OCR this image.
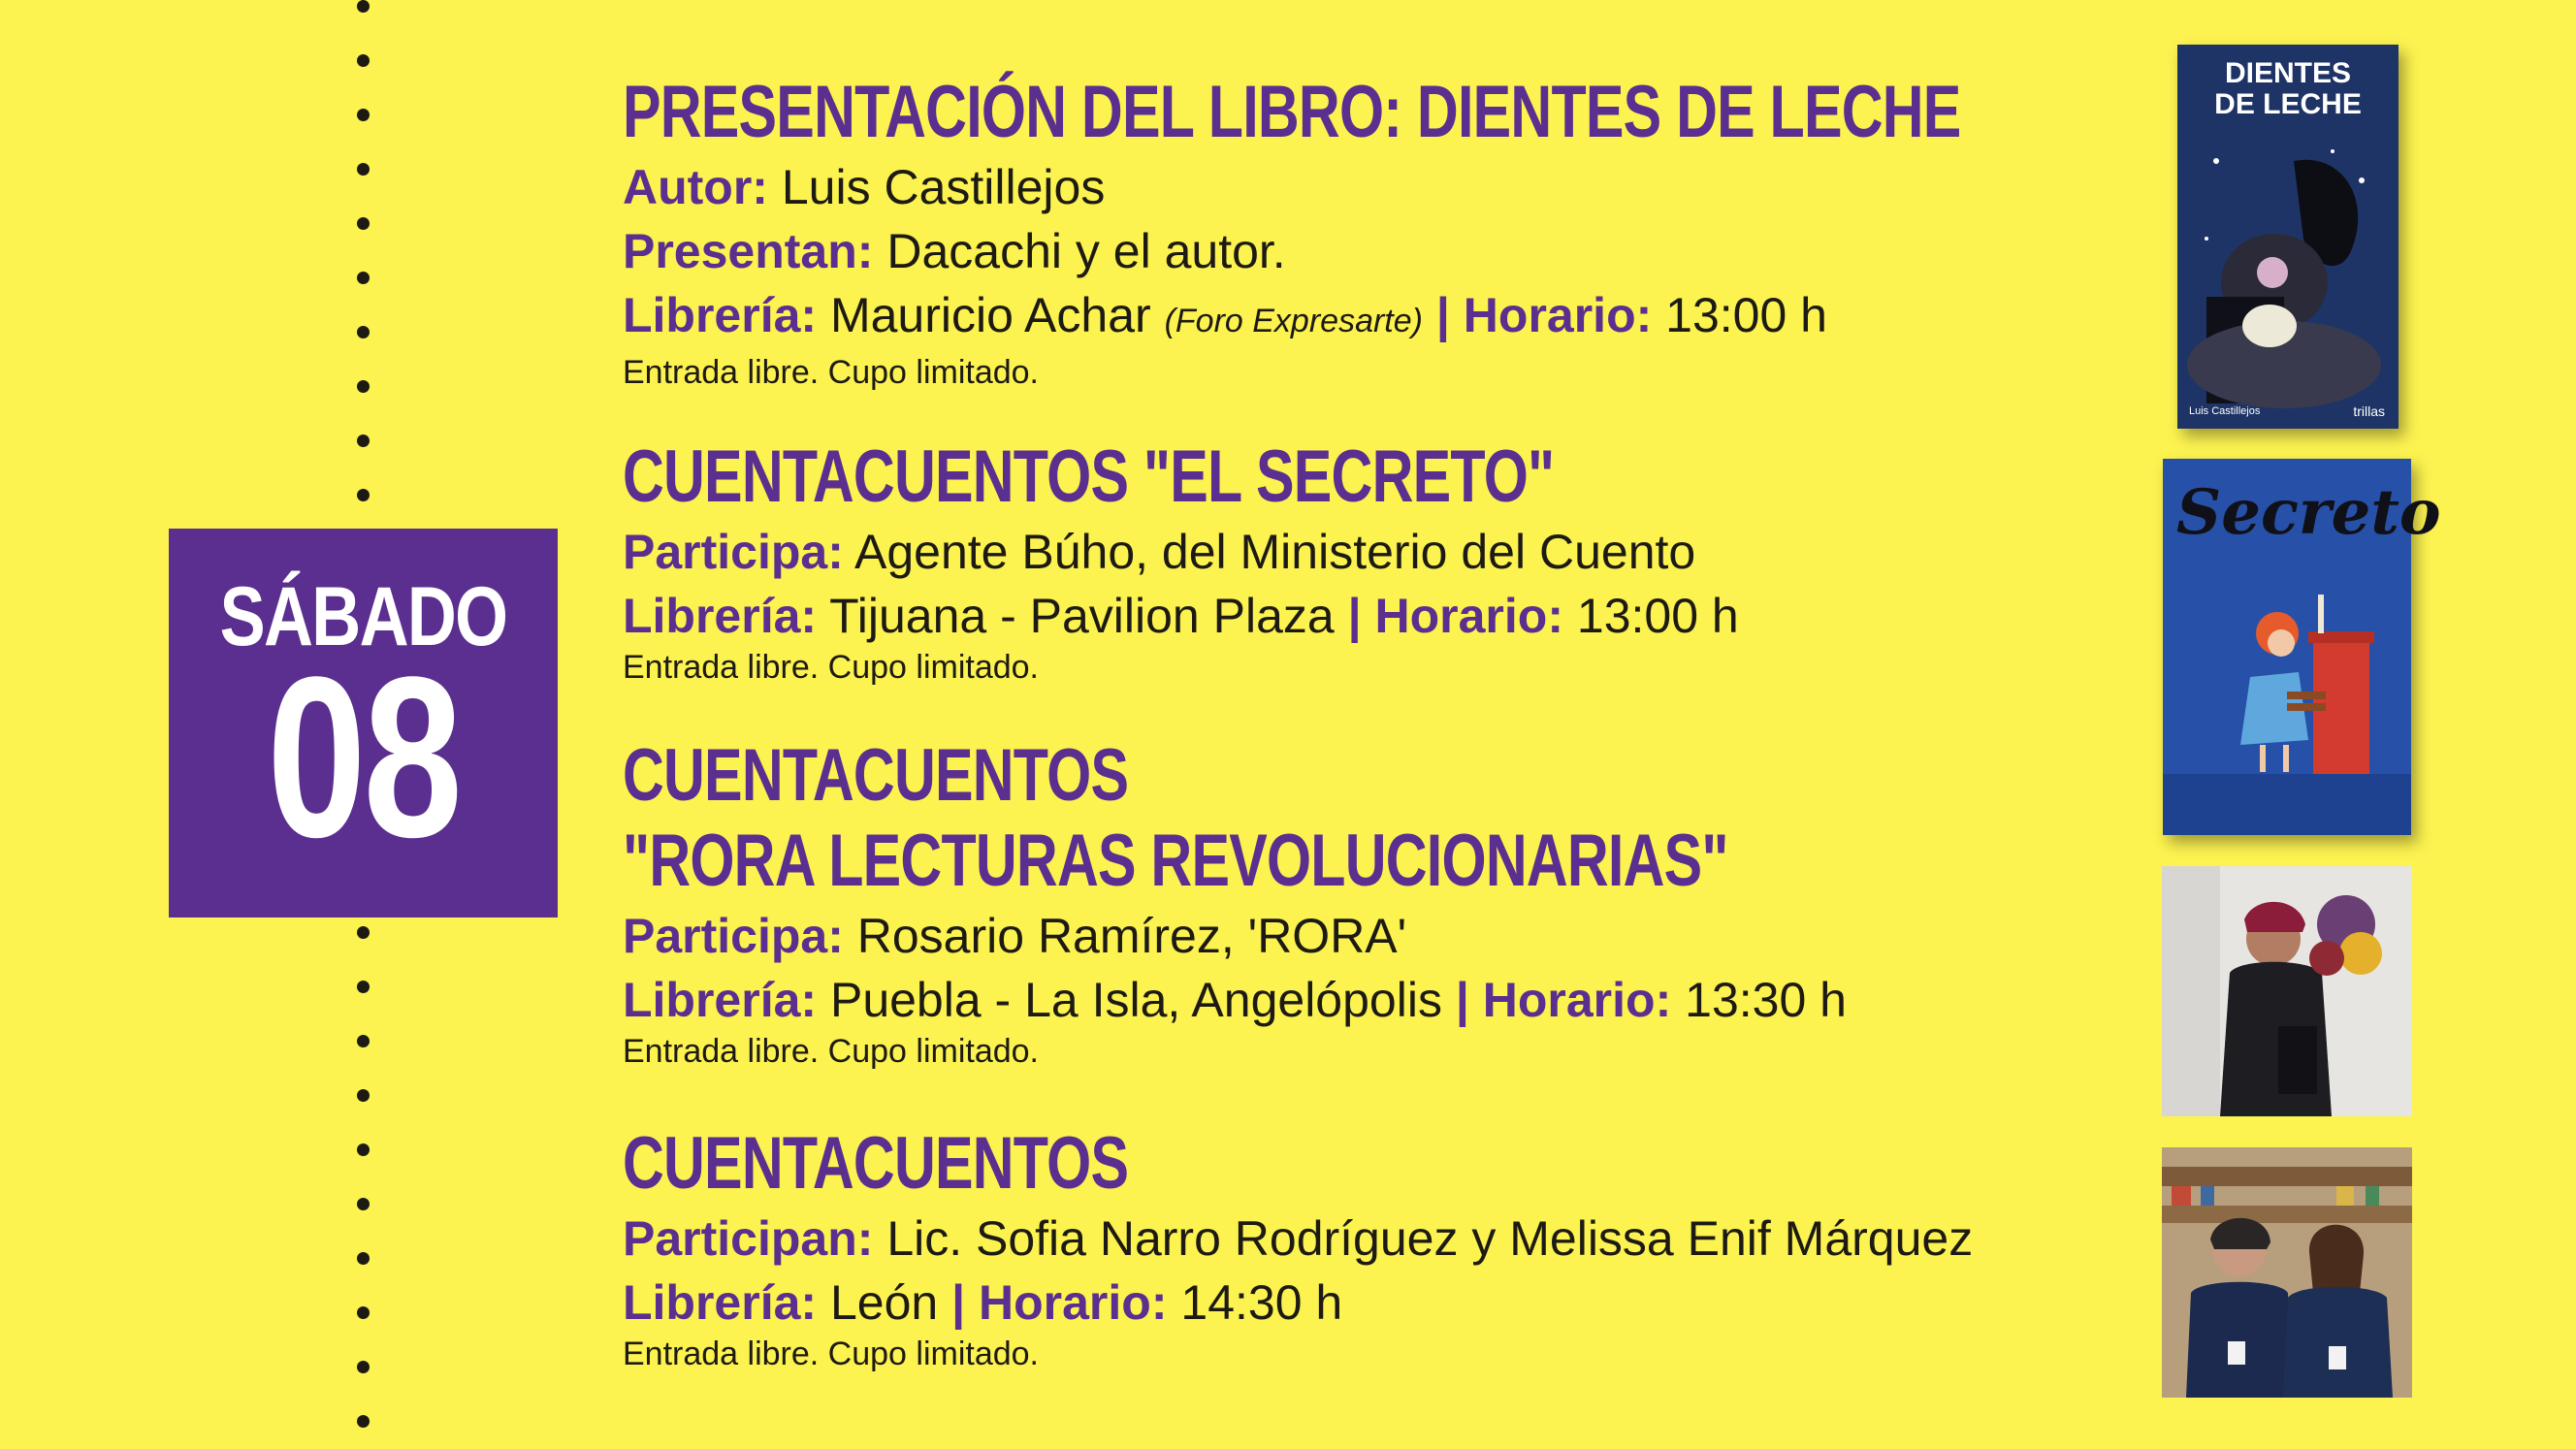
SÁBADO
08
PRESENTACIÓN DEL LIBRO: DIENTES DE LECHE
Autor: Luis Castillejos
Presentan: Dacachi y el autor.
Librería: Mauricio Achar (Foro Expresarte) | Horario: 13:00 h
Entrada libre. Cupo limitado.
CUENTACUENTOS "EL SECRETO"
Participa: Agente Búho, del Ministerio del Cuento
Librería: Tijuana - Pavilion Plaza | Horario: 13:00 h
Entrada libre. Cupo limitado.
CUENTACUENTOS
"RORA LECTURAS REVOLUCIONARIAS"
Participa: Rosario Ramírez, 'RORA'
Librería: Puebla - La Isla, Angelópolis | Horario: 13:30 h
Entrada libre. Cupo limitado.
CUENTACUENTOS
Participan: Lic. Sofia Narro Rodríguez y Melissa Enif Márquez
Librería: León | Horario: 14:30 h
Entrada libre. Cupo limitado.
DIENTES
DE LECHE
Luis Castillejos	trillas
Secreto
